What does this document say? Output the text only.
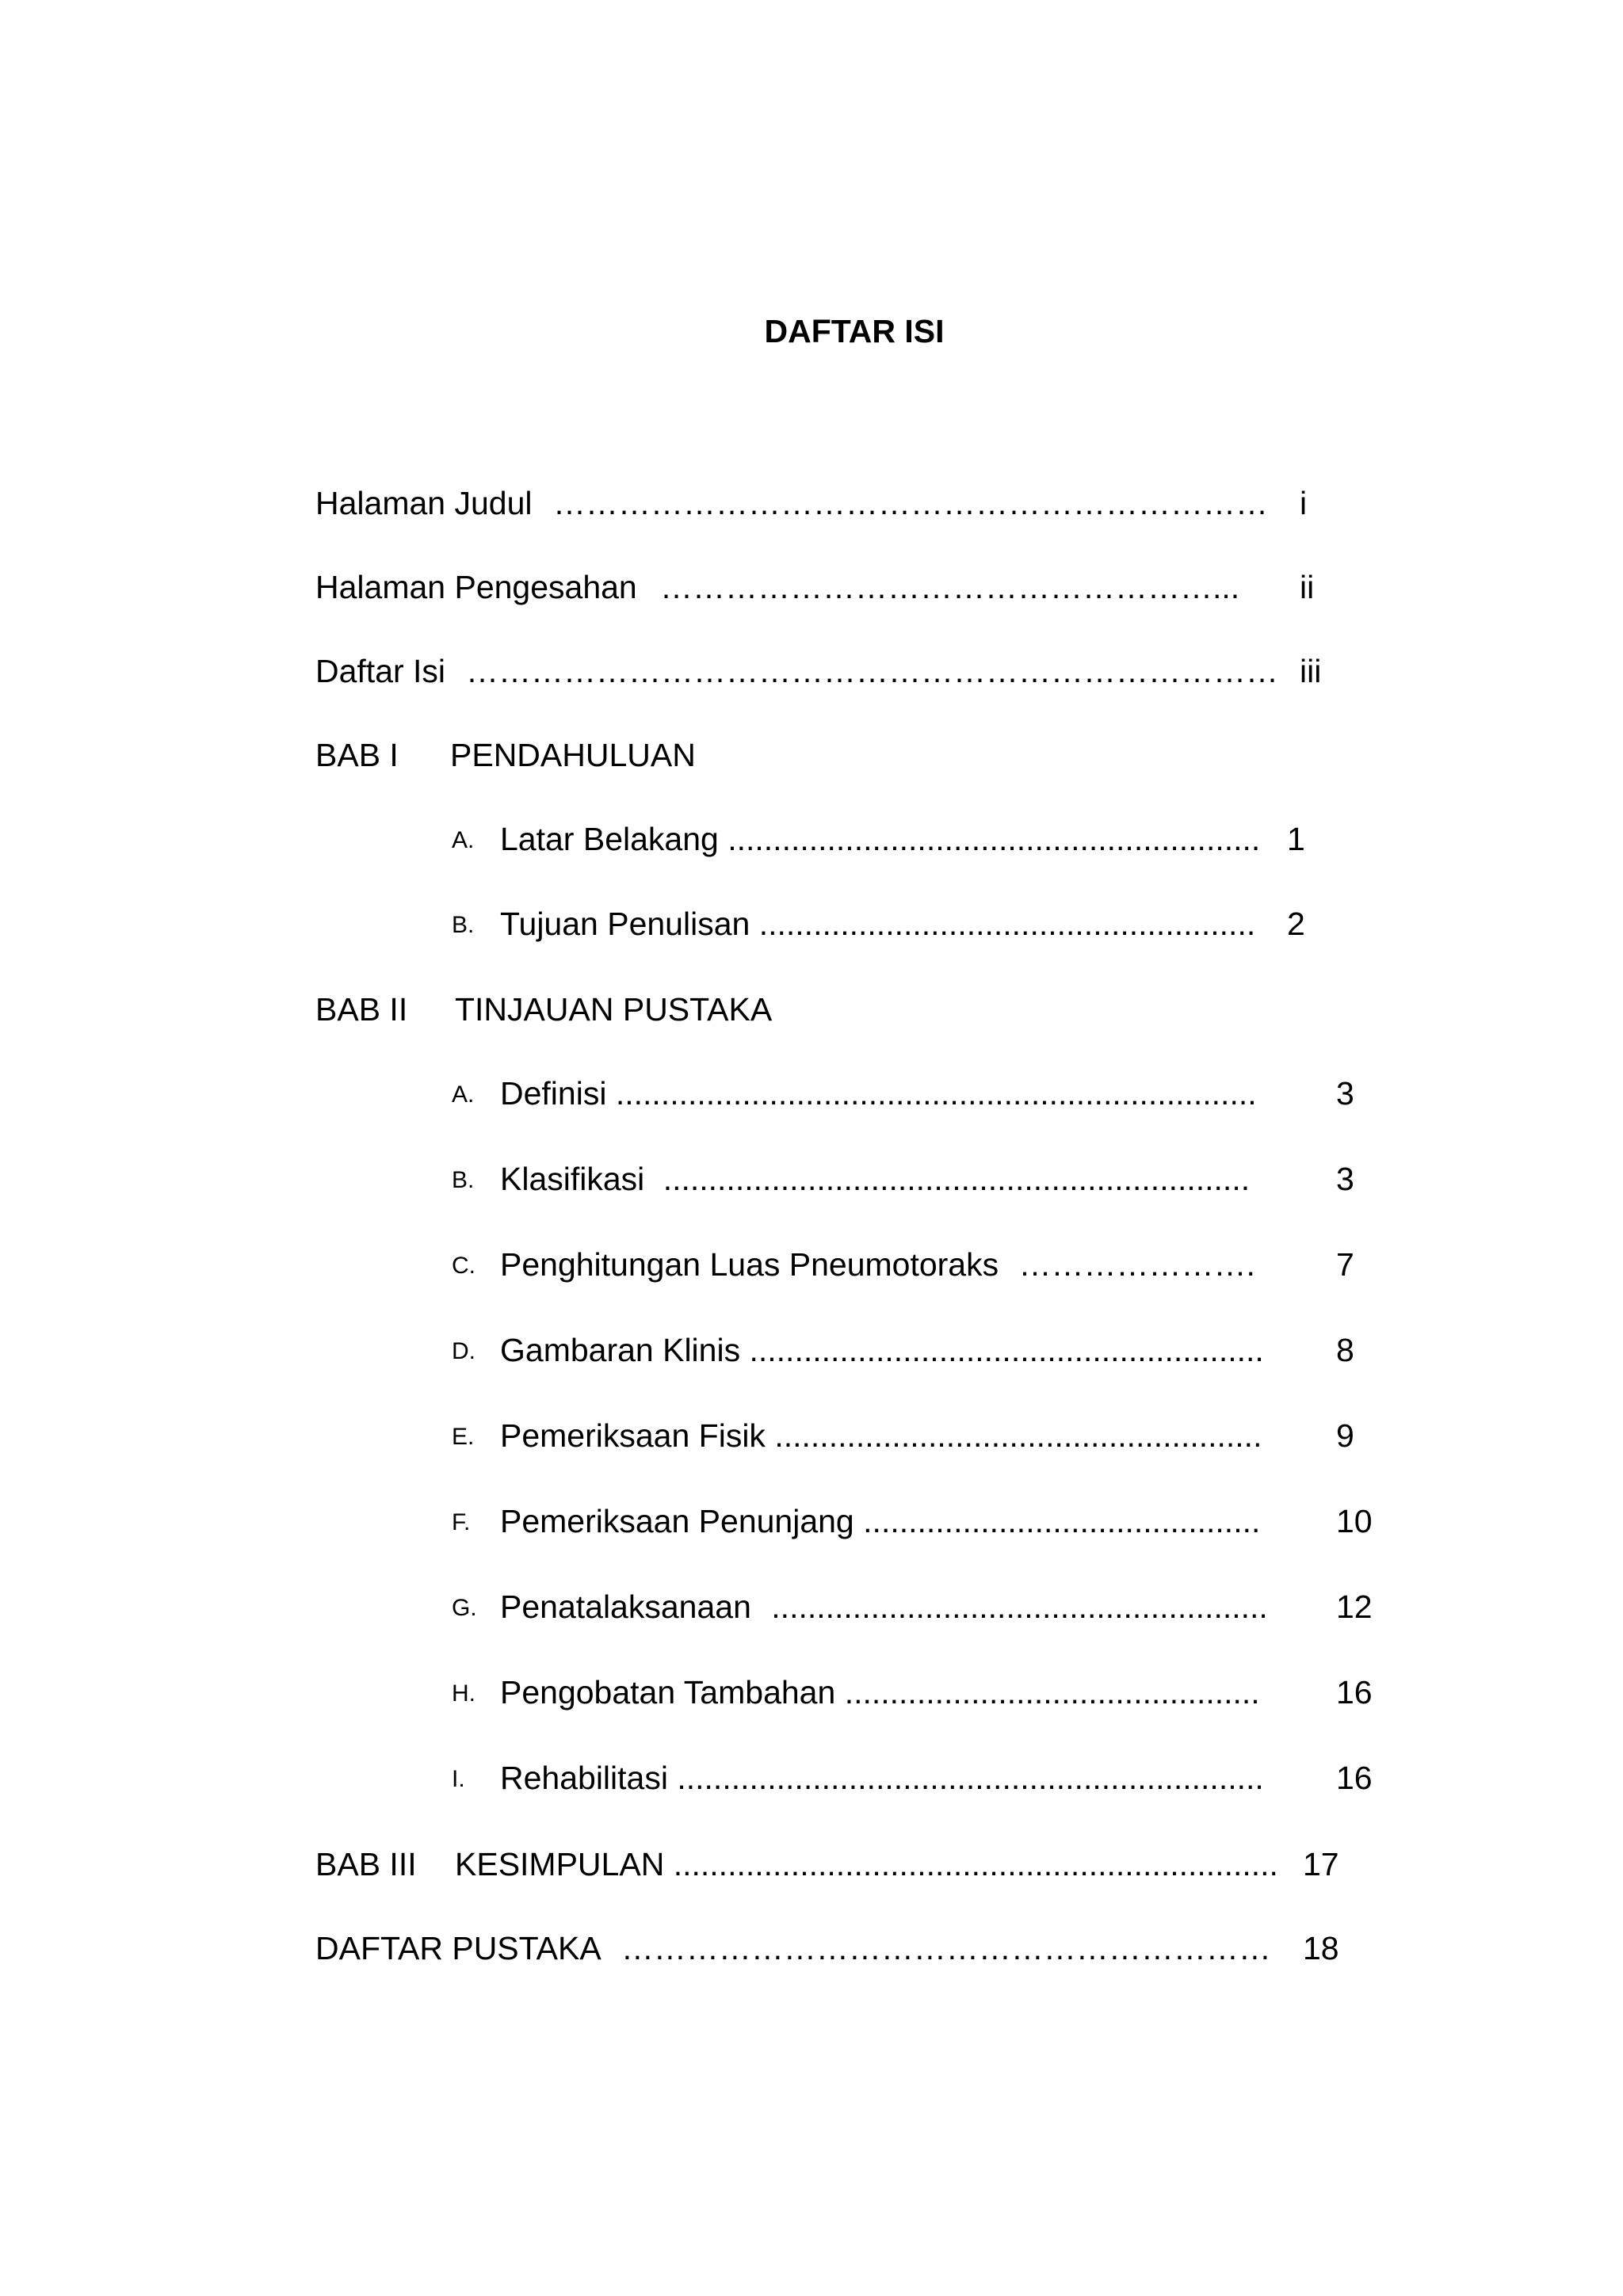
DAFTAR ISI
Halaman Judul ………………………………………………………… i
Halaman Pengesahan ……………………………………………... ii
Daftar Isi ………………………………………………………………… iii
BAB I PENDAHULUAN
A. Latar Belakang ........................................................... 1
B. Tujuan Penulisan ....................................................... 2
BAB II TINJAUAN PUSTAKA
A. Definisi ....................................................................... 3
B. Klasifikasi .................................................................	3
C. Penghitungan Luas Pneumotoraks …………………. 7
D. Gambaran Klinis ......................................................... 8
E. Pemeriksaan Fisik ...................................................... 9
F. Pemeriksaan Penunjang ............................................ 10
G. Penatalaksanaan ....................................................... 12
H. Pengobatan Tambahan .............................................. 16
I. Rehabilitasi ................................................................. 16
BAB III KESIMPULAN ................................................................... 17
DAFTAR PUSTAKA …………………………………………………… 18
